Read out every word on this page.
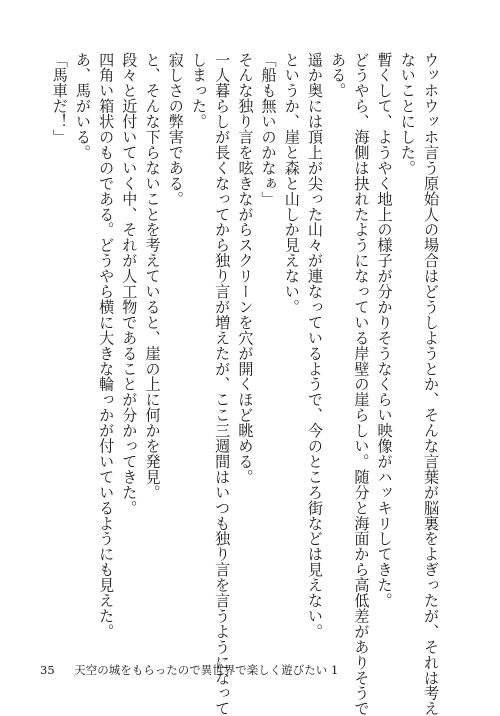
ウッホウッホ言う原始人の場合はどうしようとか、そんな言葉が脳裏をよぎったが、それは考え
ないことにした。
暫くして、ようやく地上の様子が分かりそうなくらい映像がハッキリしてきた。
どうやら、海側は抉れたようになっている岸壁の崖らしい。随分と海面から高低差がありそうで
ある。
遥か奥には頂上が尖った山々が連なっているようで、今のところ街などは見えない。
というか、崖と森と山しか見えない。
「船も無いのかなぁ」
そんな独り言を呟きながらスクリーンを穴が開くほど眺める。
一人暮らしが長くなってから独り言が増えたが、ここ三週間はいつも独り言を言うようになって
しまった。
寂しさの弊害である。
と、そんな下らないことを考えていると、崖の上に何かを発見。
段々と近付いていく中、それが人工物であることが分かってきた。
四角い箱状のものである。どうやら横に大きな輪っかが付いているようにも見えた。
あ、馬がいる。
「馬車だ！」
35 天空の城をもらったので異世界で楽しく遊びたい 1
